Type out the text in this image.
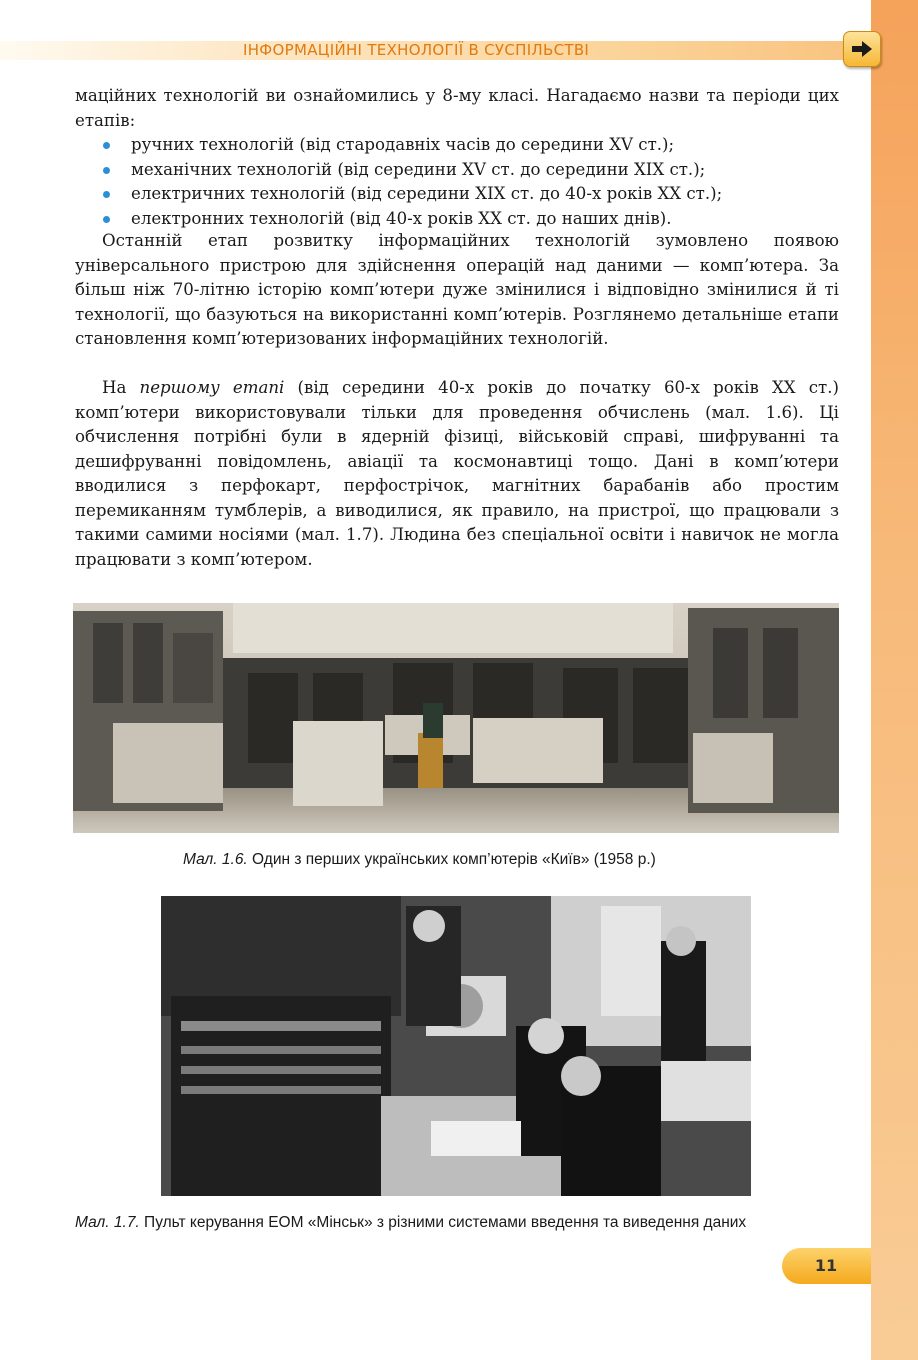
ІНФОРМАЦІЙНІ ТЕХНОЛОГІЇ В СУСПІЛЬСТВІ
маційних технологій ви ознайомились у 8-му класі. Нагадаємо назви та періоди цих етапів:
ручних технологій (від стародавніх часів до середини XV ст.);
механічних технологій (від середини XV ст. до середини XIX ст.);
електричних технологій (від середини XIX ст. до 40-х років XX ст.);
електронних технологій (від 40-х років XX ст. до наших днів).
Останній етап розвитку інформаційних технологій зумовлено появою універсального пристрою для здійснення операцій над даними — комп’ютера. За більш ніж 70-літню історію комп’ютери дуже змінилися і відповідно змінилися й ті технології, що базуються на використанні комп’ютерів. Розглянемо детальніше етапи становлення комп’ютеризованих інформаційних технологій.
На першому етапі (від середини 40-х років до початку 60-х років XX ст.) комп’ютери використовували тільки для проведення обчислень (мал. 1.6). Ці обчислення потрібні були в ядерній фізиці, військовій справі, шифруванні та дешифруванні повідомлень, авіації та космонавтиці тощо. Дані в комп’ютери вводилися з перфокарт, перфострічок, магнітних барабанів або простим перемиканням тумблерів, а виводилися, як правило, на пристрої, що працювали з такими самими носіями (мал. 1.7). Людина без спеціальної освіти і навичок не могла працювати з комп’ютером.
Мал. 1.6. Один з перших українських комп’ютерів «Київ» (1958 р.)
Мал. 1.7. Пульт керування ЕОМ «Мінськ» з різними системами введення та виведення даних
11
